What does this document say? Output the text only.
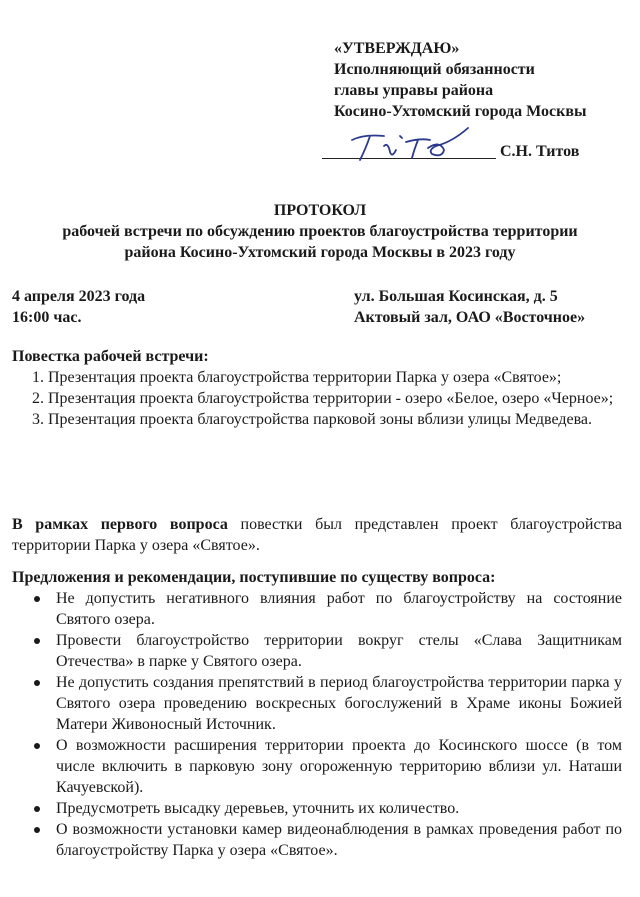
«УТВЕРЖДАЮ»
Исполняющий обязанности
главы управы района
Косино-Ухтомский города Москвы
С.Н. Титов
ПРОТОКОЛ
рабочей встречи по обсуждению проектов благоустройства территории
района Косино-Ухтомский города Москвы в 2023 году
4 апреля 2023 года
16:00 час.
ул. Большая Косинская, д. 5
Актовый зал, ОАО «Восточное»
Повестка рабочей встречи:

1. Презентация проекта благоустройства территории Парка у озера «Святое»;

2. Презентация проекта благоустройства территории - озеро «Белое, озеро «Черное»;

3. Презентация проекта благоустройства парковой зоны вблизи улицы Медведева.

В рамках первого вопроса повестки был представлен проект благоустройства территории Парка у озера «Святое».
Предложения и рекомендации, поступившие по существу вопроса:
Не допустить негативного влияния работ по благоустройству на состояние Святого озера.
Провести благоустройство территории вокруг стелы «Слава Защитникам Отечества» в парке у Святого озера.
Не допустить создания препятствий в период благоустройства территории парка у Святого озера проведению воскресных богослужений в Храме иконы Божией Матери Живоносный Источник.
О возможности расширения территории проекта до Косинского шоссе (в том числе включить в парковую зону огороженную территорию вблизи ул. Наташи Качуевской).
Предусмотреть высадку деревьев, уточнить их количество.
О возможности установки камер видеонаблюдения в рамках проведения работ по благоустройству Парка у озера «Святое».
